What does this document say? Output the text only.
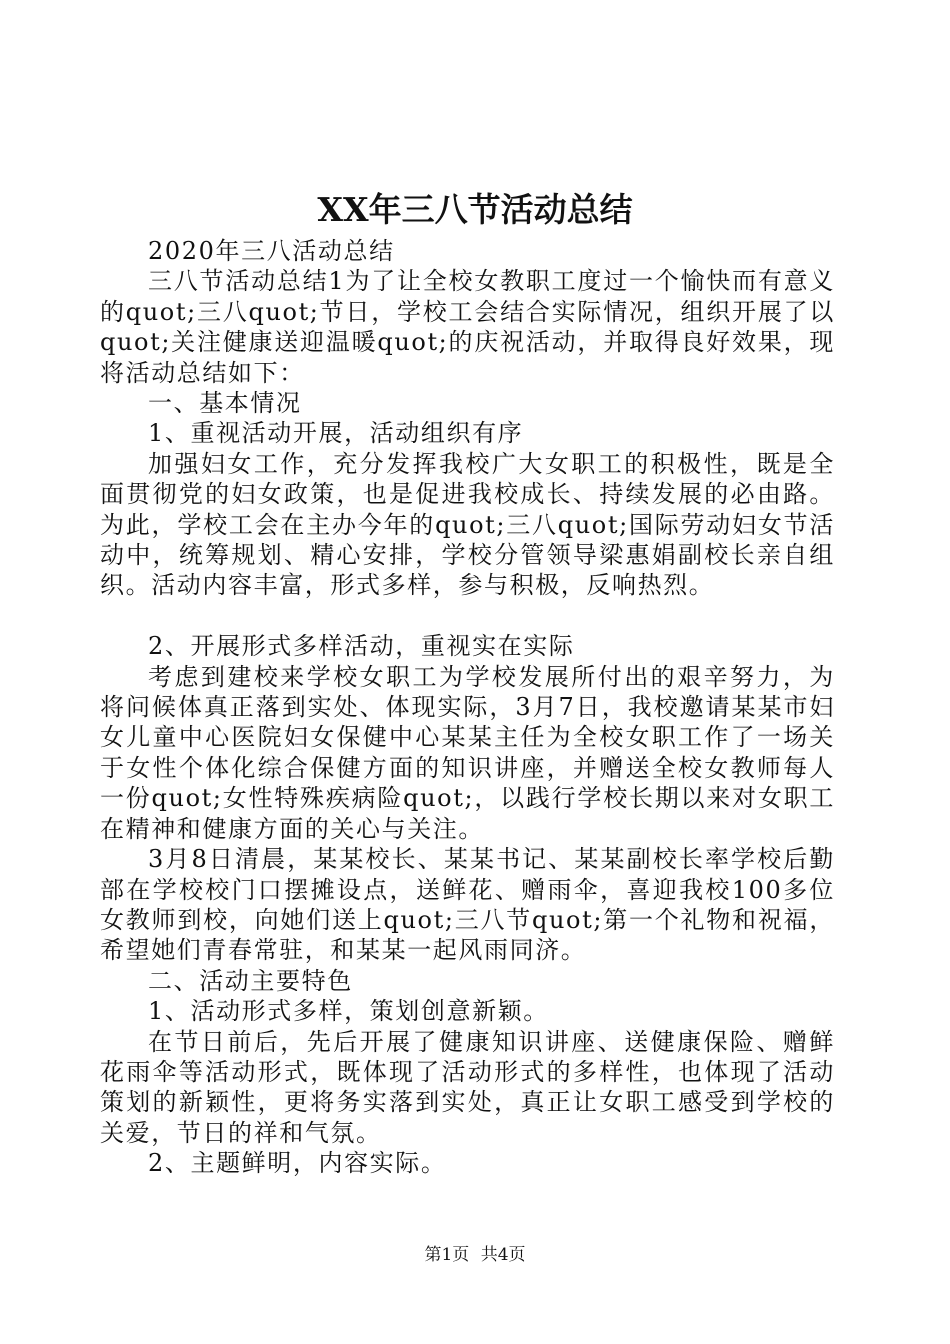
XX年三八节活动总结

2020年三八活动总结

三八节活动总结1为了让全校女教职工度过一个愉快而有意义的quot;三八quot;节日，学校工会结合实际情况，组织开展了以quot;关注健康送迎温暖quot;的庆祝活动，并取得良好效果，现将活动总结如下：

一、基本情况

1、重视活动开展，活动组织有序

加强妇女工作，充分发挥我校广大女职工的积极性，既是全面贯彻党的妇女政策，也是促进我校成长、持续发展的必由路。为此，学校工会在主办今年的quot;三八quot;国际劳动妇女节活动中，统筹规划、精心安排，学校分管领导梁惠娟副校长亲自组织。活动内容丰富，形式多样，参与积极，反响热烈。

2、开展形式多样活动，重视实在实际

考虑到建校来学校女职工为学校发展所付出的艰辛努力，为将问候体真正落到实处、体现实际，3月7日，我校邀请某某市妇女儿童中心医院妇女保健中心某某主任为全校女职工作了一场关于女性个体化综合保健方面的知识讲座，并赠送全校女教师每人一份quot;女性特殊疾病险quot;，以践行学校长期以来对女职工在精神和健康方面的关心与关注。

3月8日清晨，某某校长、某某书记、某某副校长率学校后勤部在学校校门口摆摊设点，送鲜花、赠雨伞，喜迎我校100多位女教师到校，向她们送上quot;三八节quot;第一个礼物和祝福，希望她们青春常驻，和某某一起风雨同济。

二、活动主要特色

1、活动形式多样，策划创意新颖。

在节日前后，先后开展了健康知识讲座、送健康保险、赠鲜花雨伞等活动形式，既体现了活动形式的多样性，也体现了活动策划的新颖性，更将务实落到实处，真正让女职工感受到学校的关爱，节日的祥和气氛。

2、主题鲜明，内容实际。

第1页 共4页
